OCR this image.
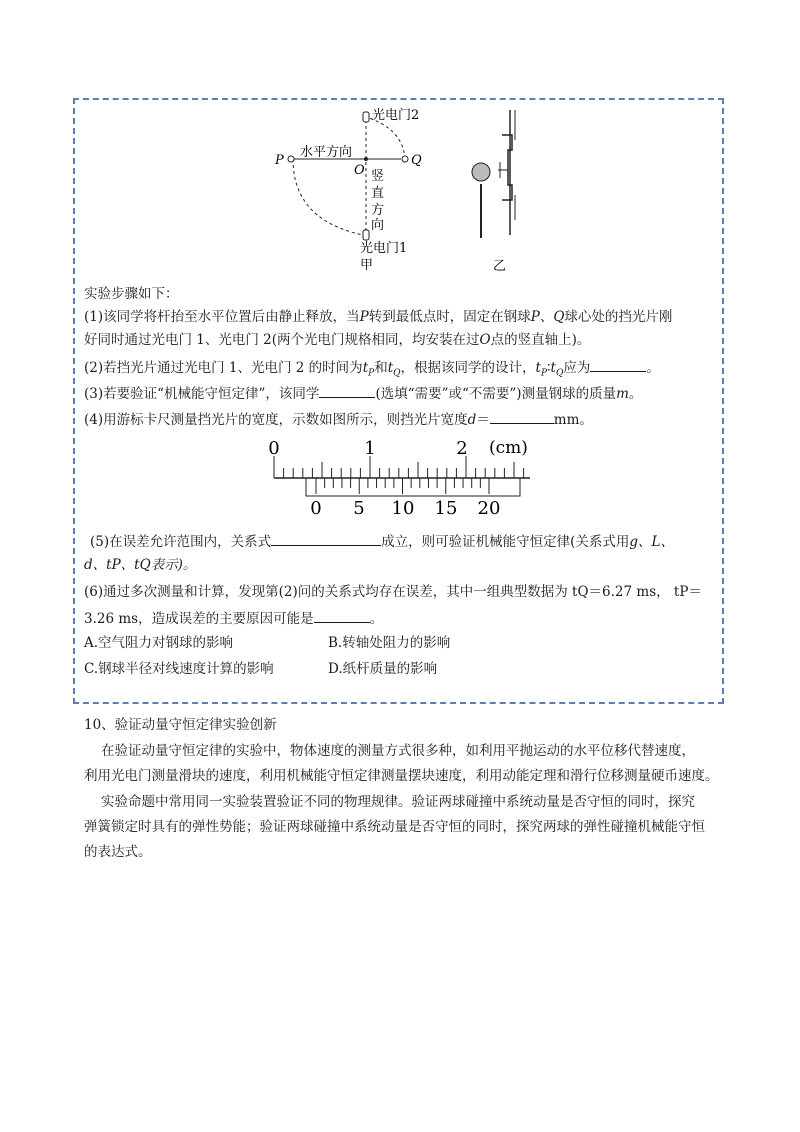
光电门2
水平方向
P	Q
O 竖
直
方
向
光电门1
甲	乙
实验步骤如下：
(1)该同学将杆抬至水平位置后由静止释放，当P转到最低点时，固定在钢球P、Q球心处的挡光片刚
好同时通过光电门 1、光电门 2(两个光电门规格相同，均安装在过O点的竖直轴上)。
(2)若挡光片通过光电门 1、光电门 2 的时间为$t_P$和$t_Q$，根据该同学的设计，$t_P∶t_Q$应为	。
(3)若要验证“机械能守恒定律”，该同学	(选填“需要”或“不需要”)测量钢球的质量m。
(4)用游标卡尺测量挡光片的宽度，示数如图所示，则挡光片宽度d＝	mm。
0	1	2 (cm)
0 5 10 15 20
(5)在误差允许范围内，关系式	成立，则可验证机械能守恒定律(关系式用g、L、
d、tP、tQ表示)。
(6)通过多次测量和计算，发现第(2)问的关系式均存在误差，其中一组典型数据为 tQ＝6.27 ms， tP＝
3.26 ms，造成误差的主要原因可能是	。
A.空气阻力对钢球的影响	B.转轴处阻力的影响
C.钢球半径对线速度计算的影响	D.纸杆质量的影响
10、验证动量守恒定律实验创新
在验证动量守恒定律的实验中，物体速度的测量方式很多种，如利用平抛运动的水平位移代替速度，
利用光电门测量滑块的速度，利用机械能守恒定律测量摆块速度，利用动能定理和滑行位移测量硬币速度。
实验命题中常用同一实验装置验证不同的物理规律。验证两球碰撞中系统动量是否守恒的同时，探究
弹簧锁定时具有的弹性势能；验证两球碰撞中系统动量是否守恒的同时，探究两球的弹性碰撞机械能守恒
的表达式。
